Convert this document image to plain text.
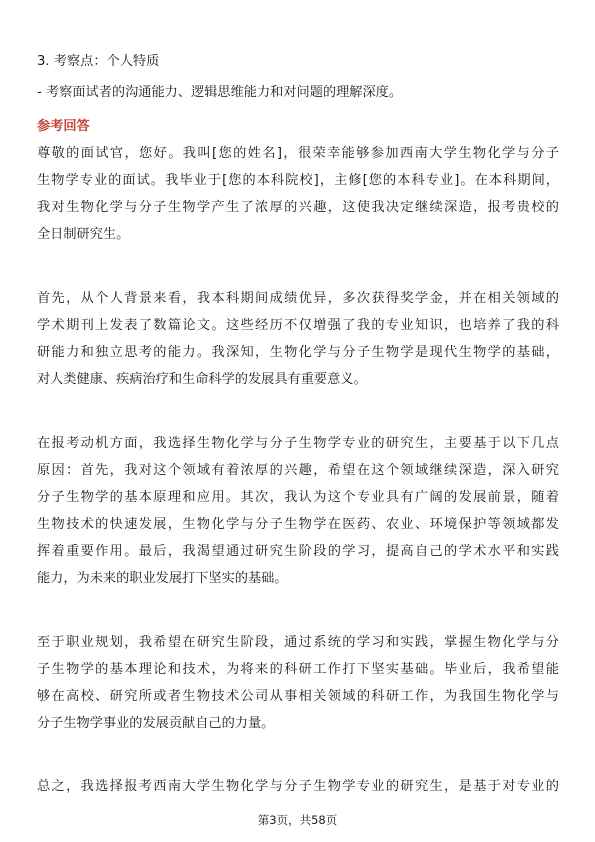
3. 考察点：个人特质
- 考察面试者的沟通能力、逻辑思维能力和对问题的理解深度。
参考回答
尊敬的面试官，您好。我叫[您的姓名]，很荣幸能够参加西南大学生物化学与分子
生物学专业的面试。我毕业于[您的本科院校]，主修[您的本科专业]。在本科期间，
我对生物化学与分子生物学产生了浓厚的兴趣，这使我决定继续深造，报考贵校的
全日制研究生。
首先，从个人背景来看，我本科期间成绩优异，多次获得奖学金，并在相关领域的
学术期刊上发表了数篇论文。这些经历不仅增强了我的专业知识，也培养了我的科
研能力和独立思考的能力。我深知，生物化学与分子生物学是现代生物学的基础，
对人类健康、疾病治疗和生命科学的发展具有重要意义。
在报考动机方面，我选择生物化学与分子生物学专业的研究生，主要基于以下几点
原因：首先，我对这个领域有着浓厚的兴趣，希望在这个领域继续深造，深入研究
分子生物学的基本原理和应用。其次，我认为这个专业具有广阔的发展前景，随着
生物技术的快速发展，生物化学与分子生物学在医药、农业、环境保护等领域都发
挥着重要作用。最后，我渴望通过研究生阶段的学习，提高自己的学术水平和实践
能力，为未来的职业发展打下坚实的基础。
至于职业规划，我希望在研究生阶段，通过系统的学习和实践，掌握生物化学与分
子生物学的基本理论和技术，为将来的科研工作打下坚实基础。毕业后，我希望能
够在高校、研究所或者生物技术公司从事相关领域的科研工作，为我国生物化学与
分子生物学事业的发展贡献自己的力量。
总之，我选择报考西南大学生物化学与分子生物学专业的研究生，是基于对专业的
第3页，共58页
